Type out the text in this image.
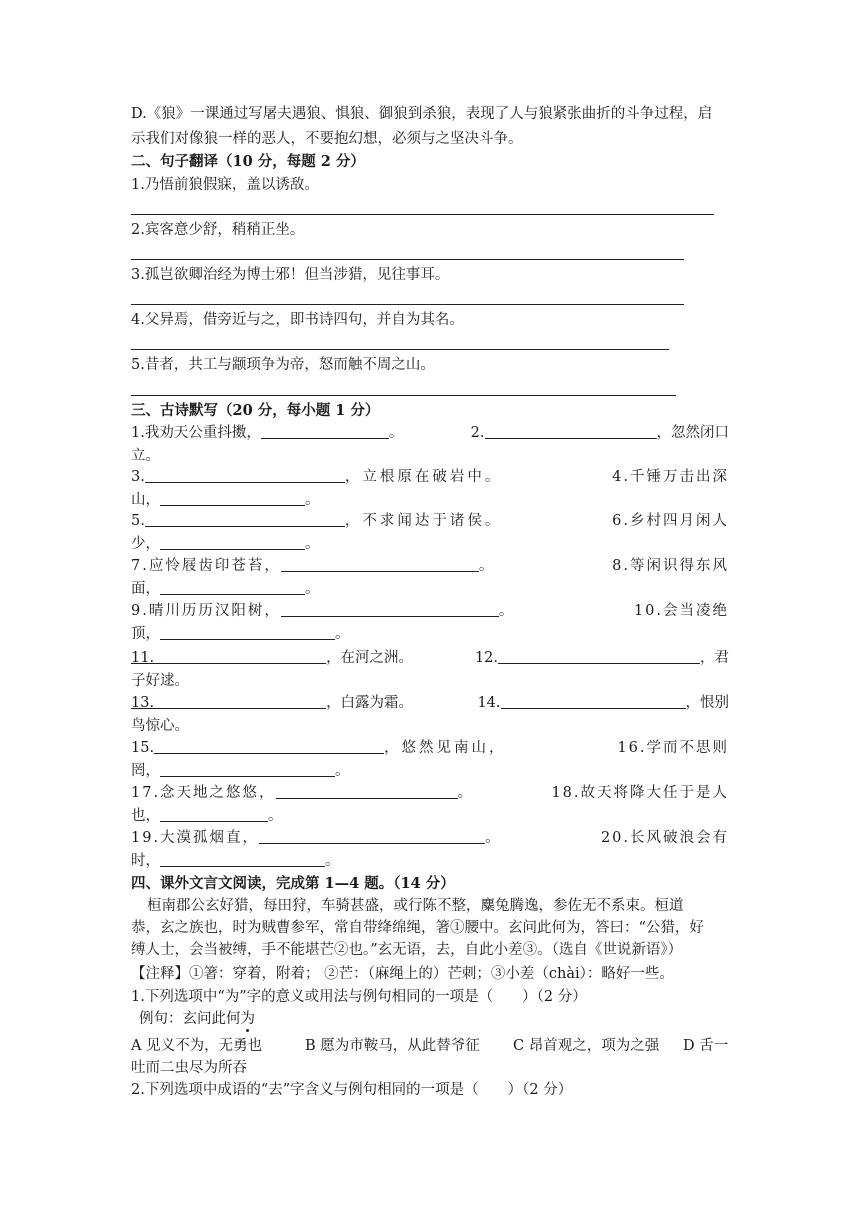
D.《狼》一课通过写屠夫遇狼、惧狼、御狼到杀狼，表现了人与狼紧张曲折的斗争过程，启
示我们对像狼一样的恶人，不要抱幻想，必须与之坚决斗争。
二、句子翻译（10 分，每题 2 分）
1.乃悟前狼假寐，盖以诱敌。
2.宾客意少舒，稍稍正坐。
3.孤岂欲卿治经为博士邪！但当涉猎，见往事耳。
4.父异焉，借旁近与之，即书诗四句，并自为其名。
5.昔者，共工与颛顼争为帝，怒而触不周之山。
三、古诗默写（20 分，每小题 1 分）
1.我劝天公重抖擞，	。	2.	，忽然闭口
立。
3.	，立根原在破岩中。	4.千锤万击出深
山，	。
5.	，不求闻达于诸侯。	6.乡村四月闲人
少，	。
7.应怜屐齿印苍苔，	。	8.等闲识得东风
面，	。
9.晴川历历汉阳树，	。	10.会当凌绝
顶，	。
11.	，在河之洲。	12.	，君
子好逑。
13.	，白露为霜。	14.	，恨别
鸟惊心。
15.	，悠然见南山，	16.学而不思则
罔，	。
17.念天地之悠悠，	。	18.故天将降大任于是人
也，	。
19.大漠孤烟直，	。	20.长风破浪会有
时，	。
四、课外文言文阅读，完成第 1—4 题。（14 分）
桓南郡公玄好猎，每田狩，车骑甚盛，或行陈不整，麋兔腾逸，参佐无不系束。桓道
恭，玄之族也，时为贼曹参军，常自带绛绵绳，箸①腰中。玄问此何为，答曰：“公猎，好
缚人士，会当被缚，手不能堪芒②也。”玄无语，去，自此小差③。（选自《世说新语》）
【注释】①箸：穿着，附着； ②芒：（麻绳上的）芒刺；③小差（chài）：略好一些。
1.下列选项中“为”字的意义或用法与例句相同的一项是（　　）（2 分）
例句：玄问此何为
A 见义不为，无勇也	B 愿为市鞍马，从此替爷征 C 昂首观之，项为之强 D 舌一
吐而二虫尽为所吞
2.下列选项中成语的“去”字含义与例句相同的一项是（　　）（2 分）
